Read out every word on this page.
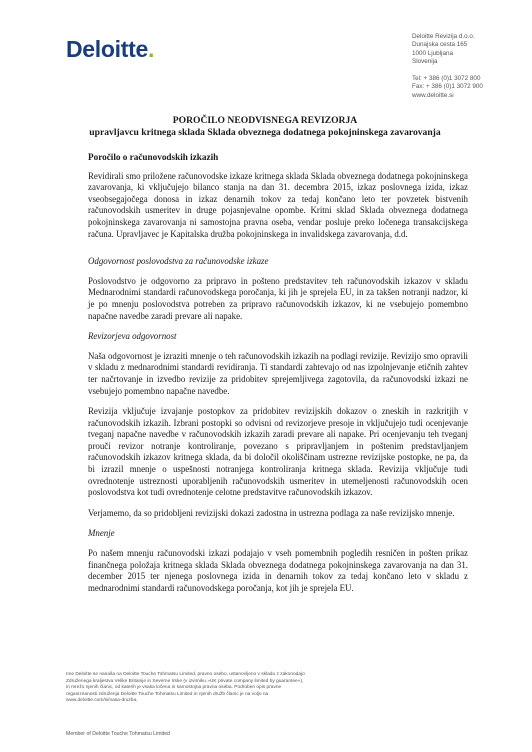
Deloitte.	Deloitte Revizija d.o.o.
Dunajska cesta 165
1000 Ljubljana
Slovenija
Tel: + 386 (0)1 3072 800
Fax: + 386 (0)1 3072 900
www.deloitte.si
POROČILO NEODVISNEGA REVIZORJA
upravljavcu kritnega sklada Sklada obveznega dodatnega pokojninskega zavarovanja
Poročilo o računovodskih izkazih

Revidirali smo priložene računovodske izkaze kritnega sklada Sklada obveznega dodatnega pokojninskega zavarovanja, ki vključujejo bilanco stanja na dan 31. decembra 2015, izkaz poslovnega izida, izkaz vseobsegajočega donosa in izkaz denarnih tokov za tedaj končano leto ter povzetek bistvenih računovodskih usmeritev in druge pojasnjevalne opombe. Kritni sklad Sklada obveznega dodatnega pokojninskega zavarovanja ni samostojna pravna oseba, vendar posluje preko ločenega transakcijskega računa. Upravljavec je Kapitalska družba pokojninskega in invalidskega zavarovanja, d.d.

Odgovornost poslovodstva za računovodske izkaze

Poslovodstvo je odgovorno za pripravo in pošteno predstavitev teh računovodskih izkazov v skladu Mednarodnimi standardi računovodskega poročanja, ki jih je sprejela EU, in za takšen notranji nadzor, ki je po mnenju poslovodstva potreben za pripravo računovodskih izkazov, ki ne vsebujejo pomembno napačne navedbe zaradi prevare ali napake.

Revizorjeva odgovornost

Naša odgovornost je izraziti mnenje o teh računovodskih izkazih na podlagi revizije. Revizijo smo opravili v skladu z mednarodnimi standardi revidiranja. Ti standardi zahtevajo od nas izpolnjevanje etičnih zahtev ter načrtovanje in izvedbo revizije za pridobitev sprejemljivega zagotovila, da računovodski izkazi ne vsebujejo pomembno napačne navedbe.

Revizija vključuje izvajanje postopkov za pridobitev revizijskih dokazov o zneskih in razkritjih v računovodskih izkazih. Izbrani postopki so odvisni od revizorjeve presoje in vključujejo tudi ocenjevanje tveganj napačne navedbe v računovodskih izkazih zaradi prevare ali napake. Pri ocenjevanju teh tveganj prouči revizor notranje kontroliranje, povezano s pripravljanjem in poštenim predstavljanjem računovodskih izkazov kritnega sklada, da bi določil okoliščinam ustrezne revizijske postopke, ne pa, da bi izrazil mnenje o uspešnosti notranjega kontroliranja kritnega sklada. Revizija vključuje tudi ovrednotenje ustreznosti uporabljenih računovodskih usmeritev in utemeljenosti računovodskih ocen poslovodstva kot tudi ovrednotenje celotne predstavitve računovodskih izkazov.

Verjamemo, da so pridobljeni revizijski dokazi zadostna in ustrezna podlaga za naše revizijsko mnenje.

Mnenje

Po našem mnenju računovodski izkazi podajajo v vseh pomembnih pogledih resničen in pošten prikaz finančnega položaja kritnega sklada Sklada obveznega dodatnega pokojninskega zavarovanja na dan 31. december 2015 ter njenega poslovnega izida in denarnih tokov za tedaj končano leto v skladu z mednarodnimi standardi računovodskega poročanja, kot jih je sprejela EU.

Ime Deloitte se nanaša na Deloitte Touche Tohmatsu Limited, pravno osebo, ustanovljeno v skladu z zakonodajo Združenega kraljestva Velike Britanije in Severne Irske (v izvirniku »UK private company limited by guarantee«), in mrežo njenih članic, od katerih je vsaka ločena in samostojna pravna oseba. Podroben opis pravne organiziranosti združenja Deloitte Touche Tohmatsu Limited in njenih družb članic je na voljo na www.deloitte.com/si/nasa-druzba.
Member of Deloitte Touche Tohmatsu Limited
